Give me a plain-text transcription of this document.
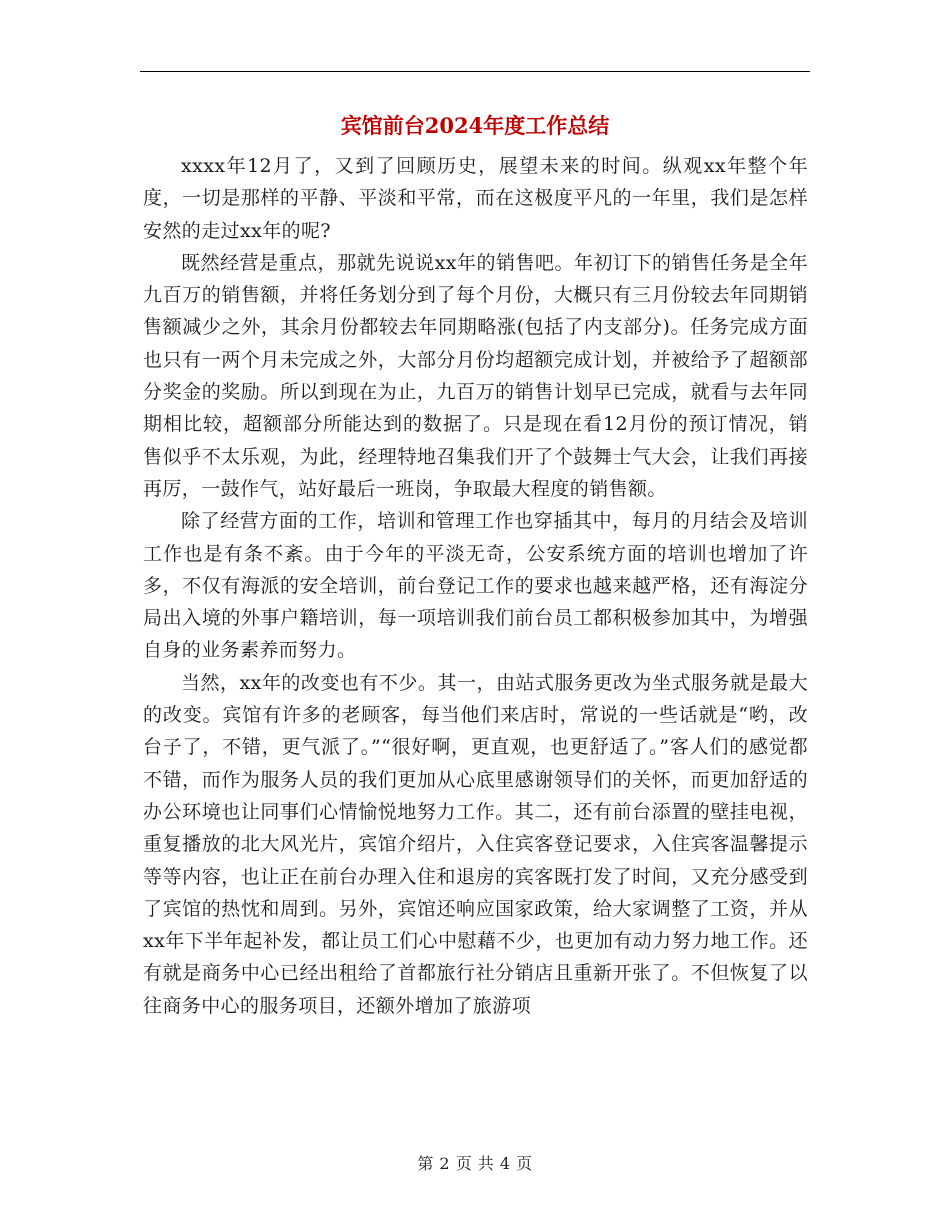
宾馆前台2024年度工作总结

xxxx年12月了，又到了回顾历史，展望未来的时间。纵观xx年整个年度，一切是那样的平静、平淡和平常，而在这极度平凡的一年里，我们是怎样安然的走过xx年的呢?

既然经营是重点，那就先说说xx年的销售吧。年初订下的销售任务是全年九百万的销售额，并将任务划分到了每个月份，大概只有三月份较去年同期销售额减少之外，其余月份都较去年同期略涨(包括了内支部分)。任务完成方面也只有一两个月未完成之外，大部分月份均超额完成计划，并被给予了超额部分奖金的奖励。所以到现在为止，九百万的销售计划早已完成，就看与去年同期相比较，超额部分所能达到的数据了。只是现在看12月份的预订情况，销售似乎不太乐观，为此，经理特地召集我们开了个鼓舞士气大会，让我们再接再厉，一鼓作气，站好最后一班岗，争取最大程度的销售额。

除了经营方面的工作，培训和管理工作也穿插其中，每月的月结会及培训工作也是有条不紊。由于今年的平淡无奇，公安系统方面的培训也增加了许多，不仅有海派的安全培训，前台登记工作的要求也越来越严格，还有海淀分局出入境的外事户籍培训，每一项培训我们前台员工都积极参加其中，为增强自身的业务素养而努力。

当然，xx年的改变也有不少。其一，由站式服务更改为坐式服务就是最大的改变。宾馆有许多的老顾客，每当他们来店时，常说的一些话就是“哟，改台子了，不错，更气派了。”“很好啊，更直观，也更舒适了。”客人们的感觉都不错，而作为服务人员的我们更加从心底里感谢领导们的关怀，而更加舒适的办公环境也让同事们心情愉悦地努力工作。其二，还有前台添置的壁挂电视，重复播放的北大风光片，宾馆介绍片，入住宾客登记要求，入住宾客温馨提示等等内容，也让正在前台办理入住和退房的宾客既打发了时间，又充分感受到了宾馆的热忱和周到。另外，宾馆还响应国家政策，给大家调整了工资，并从xx年下半年起补发，都让员工们心中慰藉不少，也更加有动力努力地工作。还有就是商务中心已经出租给了首都旅行社分销店且重新开张了。不但恢复了以往商务中心的服务项目，还额外增加了旅游项

第 2 页 共 4 页
